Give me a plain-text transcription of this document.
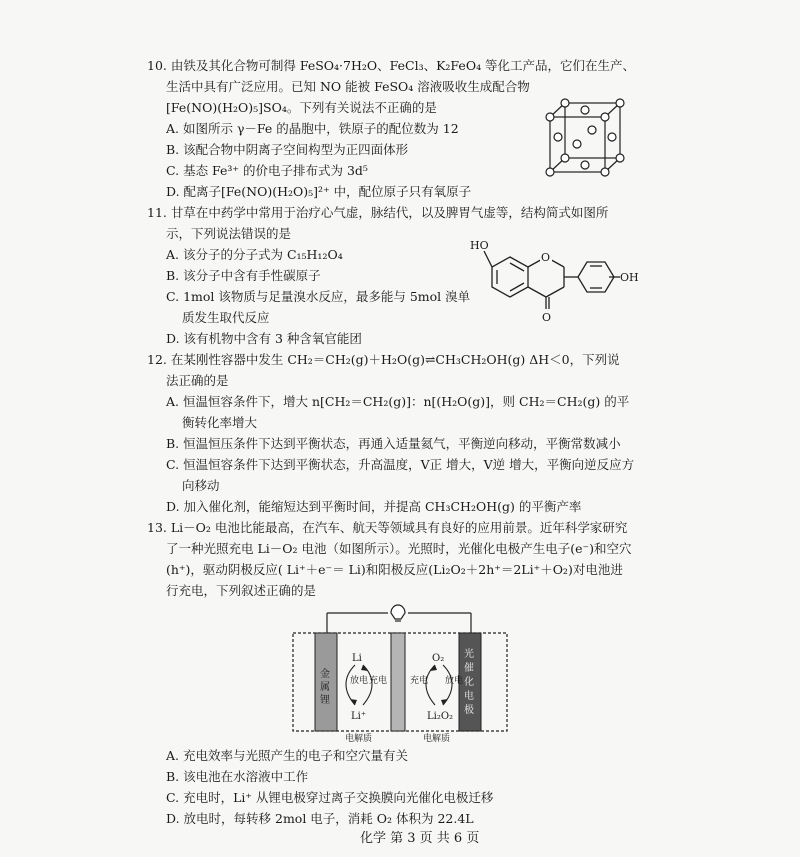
10. 由铁及其化合物可制得 FeSO₄·7H₂O、FeCl₃、K₂FeO₄ 等化工产品，它们在生产、
生活中具有广泛应用。已知 NO 能被 FeSO₄ 溶液吸收生成配合物
[Fe(NO)(H₂O)₅]SO₄。下列有关说法不正确的是
A. 如图所示 γ－Fe 的晶胞中，铁原子的配位数为 12
B. 该配合物中阴离子空间构型为正四面体形
C. 基态 Fe³⁺ 的价电子排布式为 3d⁵
D. 配离子[Fe(NO)(H₂O)₅]²⁺ 中，配位原子只有氧原子
11. 甘草在中药学中常用于治疗心气虚，脉结代，以及脾胃气虚等，结构简式如图所
示，下列说法错误的是
A. 该分子的分子式为 C₁₅H₁₂O₄
B. 该分子中含有手性碳原子
C. 1mol 该物质与足量溴水反应，最多能与 5mol 溴单
质发生取代反应
D. 该有机物中含有 3 种含氧官能团
O
O
HO
OH
12. 在某刚性容器中发生 CH₂＝CH₂(g)＋H₂O(g)⇌CH₃CH₂OH(g) ΔH＜0，下列说
法正确的是
A. 恒温恒容条件下，增大 n[CH₂＝CH₂(g)]：n[(H₂O(g)]，则 CH₂＝CH₂(g) 的平
衡转化率增大
B. 恒温恒压条件下达到平衡状态，再通入适量氦气，平衡逆向移动，平衡常数减小
C. 恒温恒容条件下达到平衡状态，升高温度，V正 增大，V逆 增大，平衡向逆反应方
向移动
D. 加入催化剂，能缩短达到平衡时间，并提高 CH₃CH₂OH(g) 的平衡产率
13. Li－O₂ 电池比能最高，在汽车、航天等领域具有良好的应用前景。近年科学家研究
了一种光照充电 Li－O₂ 电池（如图所示）。光照时，光催化电极产生电子(e⁻)和空穴
(h⁺)，驱动阴极反应( Li⁺＋e⁻＝ Li)和阳极反应(Li₂O₂＋2h⁺＝2Li⁺＋O₂)对电池进
行充电，下列叙述正确的是
金
属
锂
光
催
化
电
极
Li
Li⁺
O₂
Li₂O₂
放电 充电	充电 放电
电解质	电解质
A. 充电效率与光照产生的电子和空穴量有关
B. 该电池在水溶液中工作
C. 充电时，Li⁺ 从锂电极穿过离子交换膜向光催化电极迁移
D. 放电时，每转移 2mol 电子，消耗 O₂ 体积为 22.4L
化学 第 3 页 共 6 页
